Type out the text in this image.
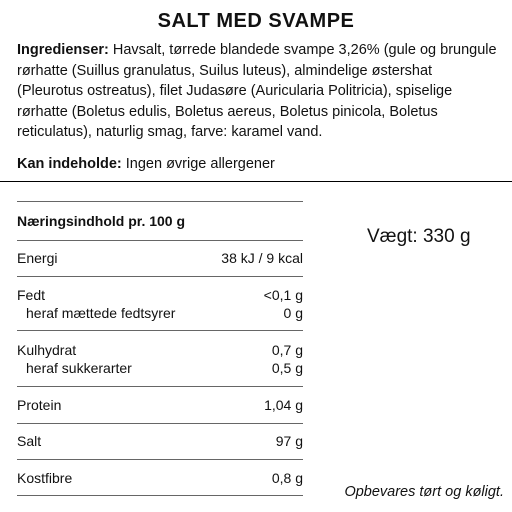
SALT MED SVAMPE
Ingredienser: Havsalt, tørrede blandede svampe 3,26% (gule og brungule rørhatte (Suillus granulatus, Suilus luteus), almindelige østershat (Pleurotus ostreatus), filet Judasøre (Auricularia Politricia), spiselige rørhatte (Boletus edulis, Boletus aereus, Boletus pinicola, Boletus reticulatus), naturlig smag, farve: karamel vand.
Kan indeholde: Ingen øvrige allergener
Næringsindhold pr. 100 g
Energi	38 kJ / 9 kcal
Fedt	<0,1 g
heraf mættede fedtsyrer	0 g
Kulhydrat	0,7 g
heraf sukkerarter	0,5 g
Protein	1,04 g
Salt	97 g
Kostfibre	0,8 g
Vægt: 330 g
Opbevares tørt og køligt.
